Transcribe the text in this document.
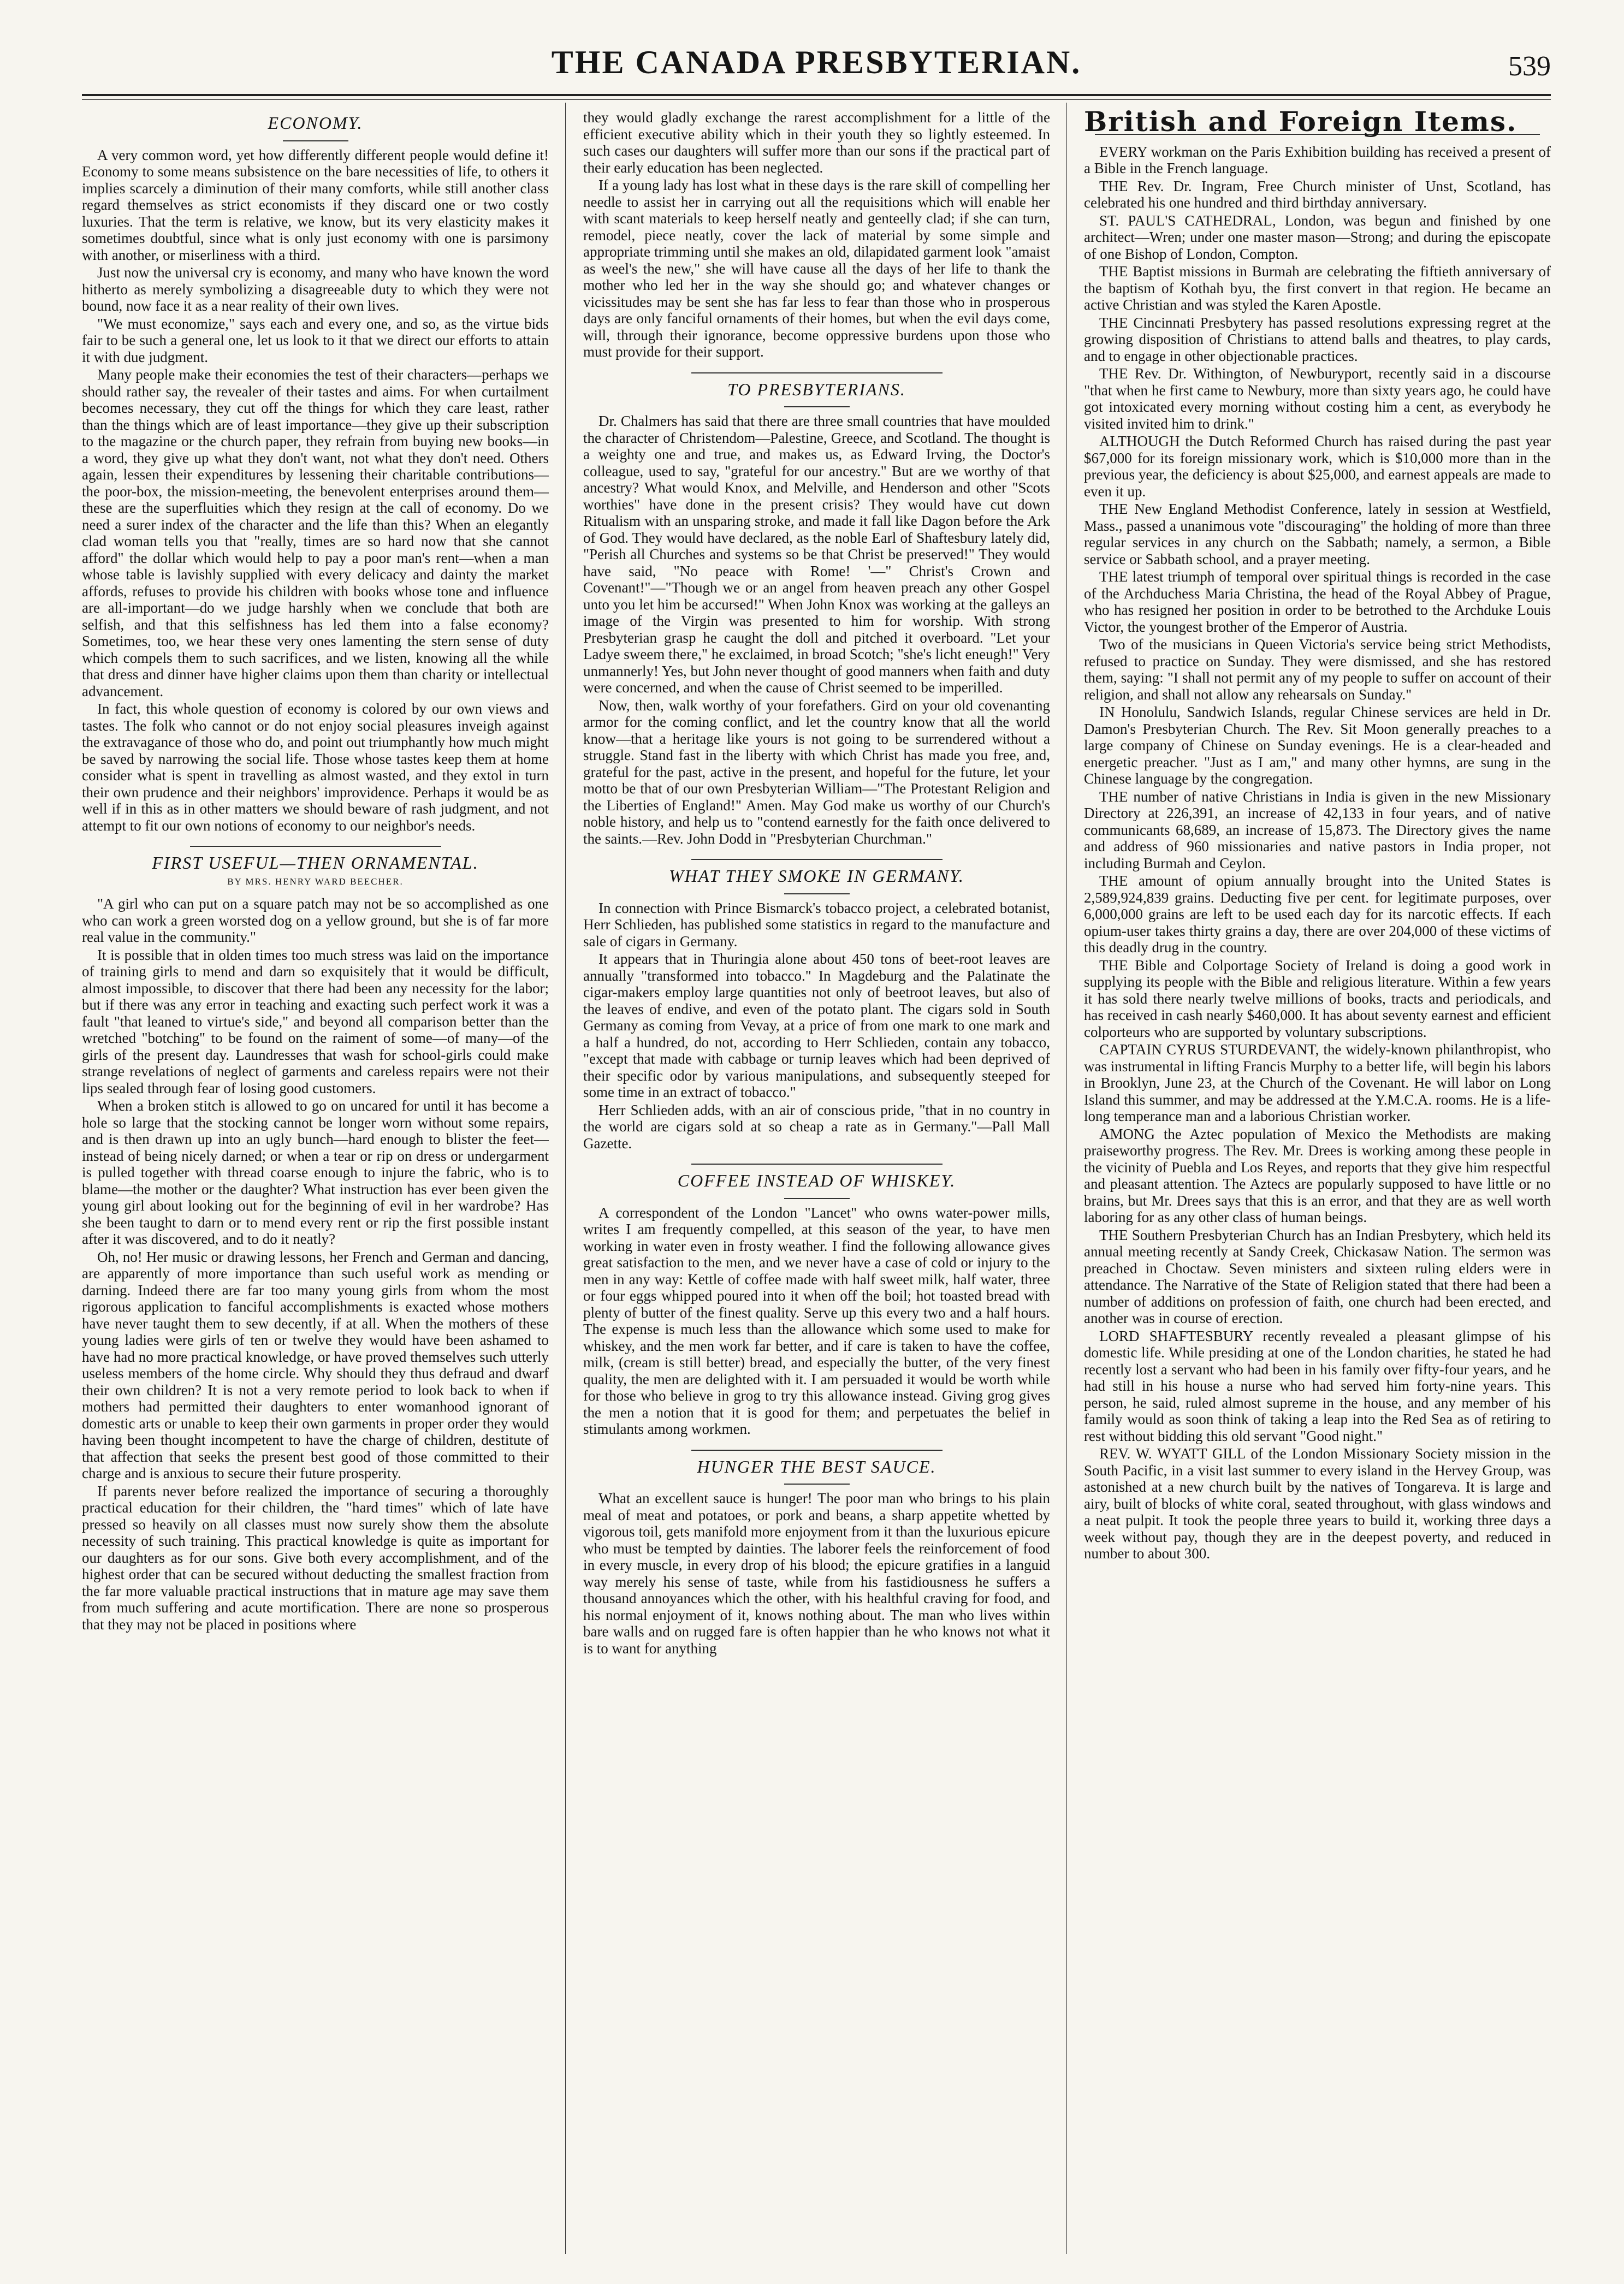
THE CANADA PRESBYTERIAN.	539
ECONOMY.

A very common word, yet how differently different people would define it! Economy to some means subsistence on the bare necessities of life, to others it implies scarcely a diminution of their many comforts, while still another class regard themselves as strict economists if they discard one or two costly luxuries. That the term is relative, we know, but its very elasticity makes it sometimes doubtful, since what is only just economy with one is parsimony with another, or miserliness with a third.

Just now the universal cry is economy, and many who have known the word hitherto as merely symbolizing a disagreeable duty to which they were not bound, now face it as a near reality of their own lives.

"We must economize," says each and every one, and so, as the virtue bids fair to be such a general one, let us look to it that we direct our efforts to attain it with due judgment.

Many people make their economies the test of their characters—perhaps we should rather say, the revealer of their tastes and aims. For when curtailment becomes necessary, they cut off the things for which they care least, rather than the things which are of least importance—they give up their subscription to the magazine or the church paper, they refrain from buying new books—in a word, they give up what they don't want, not what they don't need. Others again, lessen their expenditures by lessening their charitable contributions—the poor-box, the mission-meeting, the benevolent enterprises around them—these are the superfluities which they resign at the call of economy. Do we need a surer index of the character and the life than this? When an elegantly clad woman tells you that "really, times are so hard now that she cannot afford" the dollar which would help to pay a poor man's rent—when a man whose table is lavishly supplied with every delicacy and dainty the market affords, refuses to provide his children with books whose tone and influence are all-important—do we judge harshly when we conclude that both are selfish, and that this selfishness has led them into a false economy? Sometimes, too, we hear these very ones lamenting the stern sense of duty which compels them to such sacrifices, and we listen, knowing all the while that dress and dinner have higher claims upon them than charity or intellectual advancement.

In fact, this whole question of economy is colored by our own views and tastes. The folk who cannot or do not enjoy social pleasures inveigh against the extravagance of those who do, and point out triumphantly how much might be saved by narrowing the social life. Those whose tastes keep them at home consider what is spent in travelling as almost wasted, and they extol in turn their own prudence and their neighbors' improvidence. Perhaps it would be as well if in this as in other matters we should beware of rash judgment, and not attempt to fit our own notions of economy to our neighbor's needs.

FIRST USEFUL—THEN ORNAMENTAL.
BY MRS. HENRY WARD BEECHER.

"A girl who can put on a square patch may not be so accomplished as one who can work a green worsted dog on a yellow ground, but she is of far more real value in the community."

It is possible that in olden times too much stress was laid on the importance of training girls to mend and darn so exquisitely that it would be difficult, almost impossible, to discover that there had been any necessity for the labor; but if there was any error in teaching and exacting such perfect work it was a fault "that leaned to virtue's side," and beyond all comparison better than the wretched "botching" to be found on the raiment of some—of many—of the girls of the present day. Laundresses that wash for school-girls could make strange revelations of neglect of garments and careless repairs were not their lips sealed through fear of losing good customers.

When a broken stitch is allowed to go on uncared for until it has become a hole so large that the stocking cannot be longer worn without some repairs, and is then drawn up into an ugly bunch—hard enough to blister the feet—instead of being nicely darned; or when a tear or rip on dress or undergarment is pulled together with thread coarse enough to injure the fabric, who is to blame—the mother or the daughter? What instruction has ever been given the young girl about looking out for the beginning of evil in her wardrobe? Has she been taught to darn or to mend every rent or rip the first possible instant after it was discovered, and to do it neatly?

Oh, no! Her music or drawing lessons, her French and German and dancing, are apparently of more importance than such useful work as mending or darning. Indeed there are far too many young girls from whom the most rigorous application to fanciful accomplishments is exacted whose mothers have never taught them to sew decently, if at all. When the mothers of these young ladies were girls of ten or twelve they would have been ashamed to have had no more practical knowledge, or have proved themselves such utterly useless members of the home circle. Why should they thus defraud and dwarf their own children? It is not a very remote period to look back to when if mothers had permitted their daughters to enter womanhood ignorant of domestic arts or unable to keep their own garments in proper order they would having been thought incompetent to have the charge of children, destitute of that affection that seeks the present best good of those committed to their charge and is anxious to secure their future prosperity.

If parents never before realized the importance of securing a thoroughly practical education for their children, the "hard times" which of late have pressed so heavily on all classes must now surely show them the absolute necessity of such training. This practical knowledge is quite as important for our daughters as for our sons. Give both every accomplishment, and of the highest order that can be secured without deducting the smallest fraction from the far more valuable practical instructions that in mature age may save them from much suffering and acute mortification. There are none so prosperous that they may not be placed in positions where

they would gladly exchange the rarest accomplishment for a little of the efficient executive ability which in their youth they so lightly esteemed. In such cases our daughters will suffer more than our sons if the practical part of their early education has been neglected.

If a young lady has lost what in these days is the rare skill of compelling her needle to assist her in carrying out all the requisitions which will enable her with scant materials to keep herself neatly and genteelly clad; if she can turn, remodel, piece neatly, cover the lack of material by some simple and appropriate trimming until she makes an old, dilapidated garment look "amaist as weel's the new," she will have cause all the days of her life to thank the mother who led her in the way she should go; and whatever changes or vicissitudes may be sent she has far less to fear than those who in prosperous days are only fanciful ornaments of their homes, but when the evil days come, will, through their ignorance, become oppressive burdens upon those who must provide for their support.

TO PRESBYTERIANS.

Dr. Chalmers has said that there are three small countries that have moulded the character of Christendom—Palestine, Greece, and Scotland. The thought is a weighty one and true, and makes us, as Edward Irving, the Doctor's colleague, used to say, "grateful for our ancestry." But are we worthy of that ancestry? What would Knox, and Melville, and Henderson and other "Scots worthies" have done in the present crisis? They would have cut down Ritualism with an unsparing stroke, and made it fall like Dagon before the Ark of God. They would have declared, as the noble Earl of Shaftesbury lately did, "Perish all Churches and systems so be that Christ be preserved!" They would have said, "No peace with Rome! '—" Christ's Crown and Covenant!"—"Though we or an angel from heaven preach any other Gospel unto you let him be accursed!" When John Knox was working at the galleys an image of the Virgin was presented to him for worship. With strong Presbyterian grasp he caught the doll and pitched it overboard. "Let your Ladye sweem there," he exclaimed, in broad Scotch; "she's licht eneugh!" Very unmannerly! Yes, but John never thought of good manners when faith and duty were concerned, and when the cause of Christ seemed to be imperilled.

Now, then, walk worthy of your forefathers. Gird on your old covenanting armor for the coming conflict, and let the country know that all the world know—that a heritage like yours is not going to be surrendered without a struggle. Stand fast in the liberty with which Christ has made you free, and, grateful for the past, active in the present, and hopeful for the future, let your motto be that of our own Presbyterian William—"The Protestant Religion and the Liberties of England!" Amen. May God make us worthy of our Church's noble history, and help us to "contend earnestly for the faith once delivered to the saints.—Rev. John Dodd in "Presbyterian Churchman."

WHAT THEY SMOKE IN GERMANY.

In connection with Prince Bismarck's tobacco project, a celebrated botanist, Herr Schlieden, has published some statistics in regard to the manufacture and sale of cigars in Germany.

It appears that in Thuringia alone about 450 tons of beet-root leaves are annually "transformed into tobacco." In Magdeburg and the Palatinate the cigar-makers employ large quantities not only of beetroot leaves, but also of the leaves of endive, and even of the potato plant. The cigars sold in South Germany as coming from Vevay, at a price of from one mark to one mark and a half a hundred, do not, according to Herr Schlieden, contain any tobacco, "except that made with cabbage or turnip leaves which had been deprived of their specific odor by various manipulations, and subsequently steeped for some time in an extract of tobacco."

Herr Schlieden adds, with an air of conscious pride, "that in no country in the world are cigars sold at so cheap a rate as in Germany."—Pall Mall Gazette.

COFFEE INSTEAD OF WHISKEY.

A correspondent of the London "Lancet" who owns water-power mills, writes I am frequently compelled, at this season of the year, to have men working in water even in frosty weather. I find the following allowance gives great satisfaction to the men, and we never have a case of cold or injury to the men in any way: Kettle of coffee made with half sweet milk, half water, three or four eggs whipped poured into it when off the boil; hot toasted bread with plenty of butter of the finest quality. Serve up this every two and a half hours. The expense is much less than the allowance which some used to make for whiskey, and the men work far better, and if care is taken to have the coffee, milk, (cream is still better) bread, and especially the butter, of the very finest quality, the men are delighted with it. I am persuaded it would be worth while for those who believe in grog to try this allowance instead. Giving grog gives the men a notion that it is good for them; and perpetuates the belief in stimulants among workmen.

HUNGER THE BEST SAUCE.

What an excellent sauce is hunger! The poor man who brings to his plain meal of meat and potatoes, or pork and beans, a sharp appetite whetted by vigorous toil, gets manifold more enjoyment from it than the luxurious epicure who must be tempted by dainties. The laborer feels the reinforcement of food in every muscle, in every drop of his blood; the epicure gratifies in a languid way merely his sense of taste, while from his fastidiousness he suffers a thousand annoyances which the other, with his healthful craving for food, and his normal enjoyment of it, knows nothing about. The man who lives within bare walls and on rugged fare is often happier than he who knows not what it is to want for anything

British and Foreign Items.

EVERY workman on the Paris Exhibition building has received a present of a Bible in the French language.

THE Rev. Dr. Ingram, Free Church minister of Unst, Scotland, has celebrated his one hundred and third birthday anniversary.

ST. PAUL'S CATHEDRAL, London, was begun and finished by one architect—Wren; under one master mason—Strong; and during the episcopate of one Bishop of London, Compton.

THE Baptist missions in Burmah are celebrating the fiftieth anniversary of the baptism of Kothah byu, the first convert in that region. He became an active Christian and was styled the Karen Apostle.

THE Cincinnati Presbytery has passed resolutions expressing regret at the growing disposition of Christians to attend balls and theatres, to play cards, and to engage in other objectionable practices.

THE Rev. Dr. Withington, of Newburyport, recently said in a discourse "that when he first came to Newbury, more than sixty years ago, he could have got intoxicated every morning without costing him a cent, as everybody he visited invited him to drink."

ALTHOUGH the Dutch Reformed Church has raised during the past year $67,000 for its foreign missionary work, which is $10,000 more than in the previous year, the deficiency is about $25,000, and earnest appeals are made to even it up.

THE New England Methodist Conference, lately in session at Westfield, Mass., passed a unanimous vote "discouraging" the holding of more than three regular services in any church on the Sabbath; namely, a sermon, a Bible service or Sabbath school, and a prayer meeting.

THE latest triumph of temporal over spiritual things is recorded in the case of the Archduchess Maria Christina, the head of the Royal Abbey of Prague, who has resigned her position in order to be betrothed to the Archduke Louis Victor, the youngest brother of the Emperor of Austria.

Two of the musicians in Queen Victoria's service being strict Methodists, refused to practice on Sunday. They were dismissed, and she has restored them, saying: "I shall not permit any of my people to suffer on account of their religion, and shall not allow any rehearsals on Sunday."

IN Honolulu, Sandwich Islands, regular Chinese services are held in Dr. Damon's Presbyterian Church. The Rev. Sit Moon generally preaches to a large company of Chinese on Sunday evenings. He is a clear-headed and energetic preacher. "Just as I am," and many other hymns, are sung in the Chinese language by the congregation.

THE number of native Christians in India is given in the new Missionary Directory at 226,391, an increase of 42,133 in four years, and of native communicants 68,689, an increase of 15,873. The Directory gives the name and address of 960 missionaries and native pastors in India proper, not including Burmah and Ceylon.

THE amount of opium annually brought into the United States is 2,589,924,839 grains. Deducting five per cent. for legitimate purposes, over 6,000,000 grains are left to be used each day for its narcotic effects. If each opium-user takes thirty grains a day, there are over 204,000 of these victims of this deadly drug in the country.

THE Bible and Colportage Society of Ireland is doing a good work in supplying its people with the Bible and religious literature. Within a few years it has sold there nearly twelve millions of books, tracts and periodicals, and has received in cash nearly $460,000. It has about seventy earnest and efficient colporteurs who are supported by voluntary subscriptions.

CAPTAIN CYRUS STURDEVANT, the widely-known philanthropist, who was instrumental in lifting Francis Murphy to a better life, will begin his labors in Brooklyn, June 23, at the Church of the Covenant. He will labor on Long Island this summer, and may be addressed at the Y.M.C.A. rooms. He is a life-long temperance man and a laborious Christian worker.

AMONG the Aztec population of Mexico the Methodists are making praiseworthy progress. The Rev. Mr. Drees is working among these people in the vicinity of Puebla and Los Reyes, and reports that they give him respectful and pleasant attention. The Aztecs are popularly supposed to have little or no brains, but Mr. Drees says that this is an error, and that they are as well worth laboring for as any other class of human beings.

THE Southern Presbyterian Church has an Indian Presbytery, which held its annual meeting recently at Sandy Creek, Chickasaw Nation. The sermon was preached in Choctaw. Seven ministers and sixteen ruling elders were in attendance. The Narrative of the State of Religion stated that there had been a number of additions on profession of faith, one church had been erected, and another was in course of erection.

LORD SHAFTESBURY recently revealed a pleasant glimpse of his domestic life. While presiding at one of the London charities, he stated he had recently lost a servant who had been in his family over fifty-four years, and he had still in his house a nurse who had served him forty-nine years. This person, he said, ruled almost supreme in the house, and any member of his family would as soon think of taking a leap into the Red Sea as of retiring to rest without bidding this old servant "Good night."

REV. W. WYATT GILL of the London Missionary Society mission in the South Pacific, in a visit last summer to every island in the Hervey Group, was astonished at a new church built by the natives of Tongareva. It is large and airy, built of blocks of white coral, seated throughout, with glass windows and a neat pulpit. It took the people three years to build it, working three days a week without pay, though they are in the deepest poverty, and reduced in number to about 300.
